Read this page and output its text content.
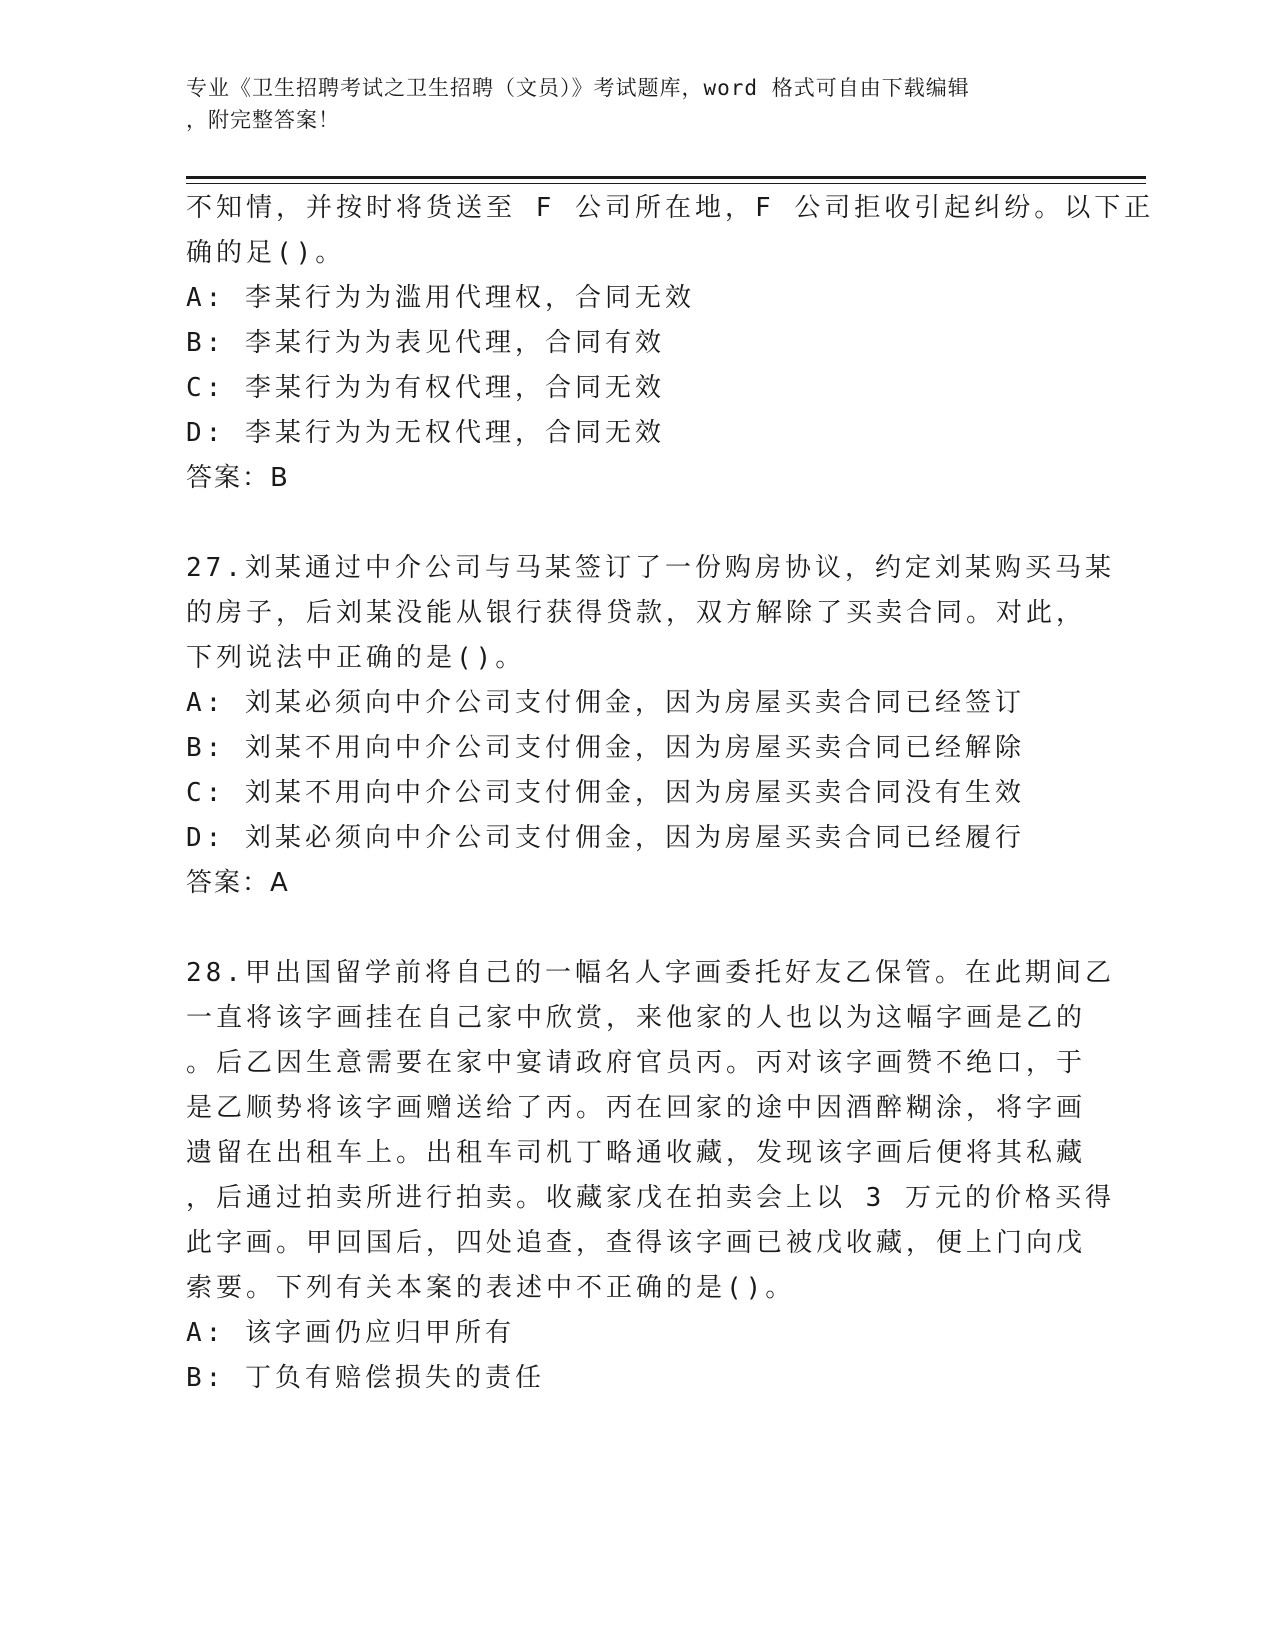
专业《卫生招聘考试之卫生招聘（文员）》考试题库，word 格式可自由下载编辑
，附完整答案！
不知情，并按时将货送至 F 公司所在地，F 公司拒收引起纠纷。以下正
确的足()。
A: 李某行为为滥用代理权，合同无效
B: 李某行为为表见代理，合同有效
C: 李某行为为有权代理，合同无效
D: 李某行为为无权代理，合同无效
答案：B
27.刘某通过中介公司与马某签订了一份购房协议，约定刘某购买马某
的房子，后刘某没能从银行获得贷款，双方解除了买卖合同。对此，
下列说法中正确的是()。
A: 刘某必须向中介公司支付佣金，因为房屋买卖合同已经签订
B: 刘某不用向中介公司支付佣金，因为房屋买卖合同已经解除
C: 刘某不用向中介公司支付佣金，因为房屋买卖合同没有生效
D: 刘某必须向中介公司支付佣金，因为房屋买卖合同已经履行
答案：A
28.甲出国留学前将自己的一幅名人字画委托好友乙保管。在此期间乙
一直将该字画挂在自己家中欣赏，来他家的人也以为这幅字画是乙的
。后乙因生意需要在家中宴请政府官员丙。丙对该字画赞不绝口，于
是乙顺势将该字画赠送给了丙。丙在回家的途中因酒醉糊涂，将字画
遗留在出租车上。出租车司机丁略通收藏，发现该字画后便将其私藏
，后通过拍卖所进行拍卖。收藏家戊在拍卖会上以 3 万元的价格买得
此字画。甲回国后，四处追查，查得该字画已被戊收藏，便上门向戊
索要。下列有关本案的表述中不正确的是()。
A: 该字画仍应归甲所有
B: 丁负有赔偿损失的责任
